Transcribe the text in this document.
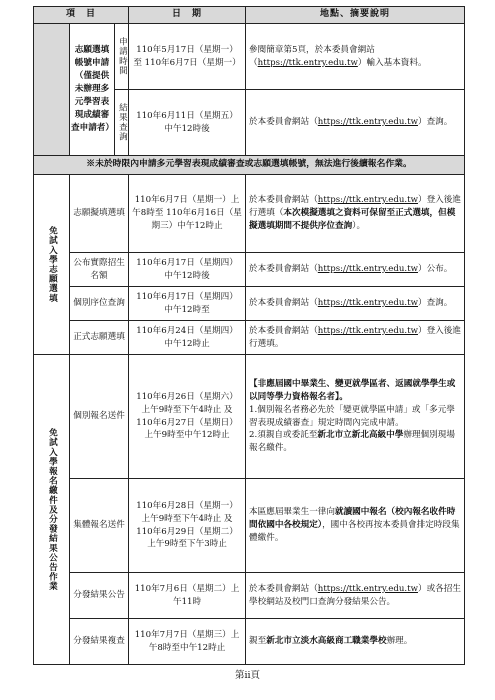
項　目			日　期	地點、摘要說明
	志願選填帳號申請（僅提供未辦理多元學習表現成績審查申請者）	申請時間	110年5月17日（星期一）至 110年6月7日（星期一）	參閱簡章第5頁，於本委員會網站（https://ttk.entry.edu.tw）輸入基本資料。

		結果查詢	110年6月11日（星期五）中午12時後	於本委員會網站（https://ttk.entry.edu.tw）查詢。
※未於時限內申請多元學習表現成績審查或志願選填帳號，無法進行後續報名作業。				

免試入學志願選填	志願擬填選填		110年6月7日（星期一）上午8時至 110年6月16日（星期三）中午12時止	於本委員會網站（https://ttk.entry.edu.tw）登入後進行選填（本次模擬選填之資料可保留至正式選填，但模擬選填期間不提供序位查詢）。
	公布實際招生名額		110年6月17日（星期四）中午12時後	於本委員會網站（https://ttk.entry.edu.tw）公布。
	個別序位查詢		110年6月17日（星期四）中午12時至	於本委員會網站（https://ttk.entry.edu.tw）查詢。
	正式志願選填		110年6月24日（星期四）中午12時止	於本委員會網站（https://ttk.entry.edu.tw）登入後進行選填。

免試入學報名繳件及分發結果公告作業	個別報名送件		110年6月26日（星期六）上午9時至下午4時止 及 110年6月27日（星期日）上午9時至中午12時止	【非應屆國中畢業生、變更就學區者、返國就學學生或以同等學力資格報名者】。
1.個別報名者務必先於「變更就學區申請」或「多元學習表現成績審查」規定時間內完成申請。
2.須親自或委託至新北市立新北高級中學辦理個別現場報名繳件。

	集體報名送件		110年6月28日（星期一）上午9時至下午4時止 及 110年6月29日（星期二）上午9時至下午3時止	本區應屆畢業生一律向就讀國中報名（校內報名收件時間依國中各校規定），國中各校再按本委員會排定時段集體繳件。
	分發結果公告		110年7月6日（星期二）上午11時	於本委員會網站（https://ttk.entry.edu.tw）或各招生學校網站及校門口查詢分發結果公告。
	分發結果複查		110年7月7日（星期三）上午8時至中午12時止	親至新北市立淡水高級商工職業學校辦理。
第ii頁
